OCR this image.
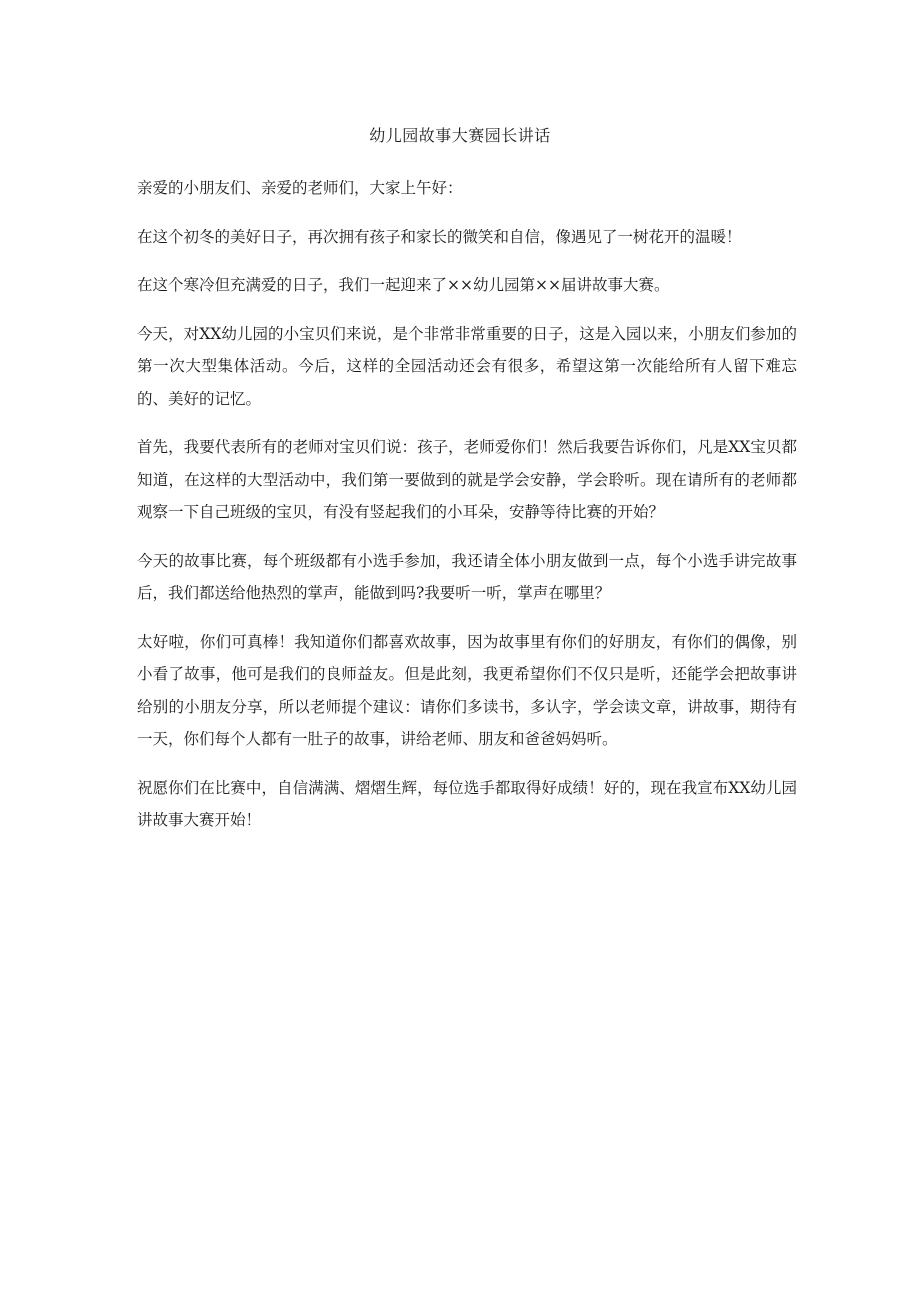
幼儿园故事大赛园长讲话

亲爱的小朋友们、亲爱的老师们，大家上午好：

在这个初冬的美好日子，再次拥有孩子和家长的微笑和自信，像遇见了一树花开的温暖！

在这个寒冷但充满爱的日子，我们一起迎来了××幼儿园第××届讲故事大赛。

今天，对XX幼儿园的小宝贝们来说，是个非常非常重要的日子，这是入园以来，小朋友们参加的第一次大型集体活动。今后，这样的全园活动还会有很多，希望这第一次能给所有人留下难忘的、美好的记忆。

首先，我要代表所有的老师对宝贝们说：孩子，老师爱你们！然后我要告诉你们，凡是XX宝贝都知道，在这样的大型活动中，我们第一要做到的就是学会安静，学会聆听。现在请所有的老师都观察一下自己班级的宝贝，有没有竖起我们的小耳朵，安静等待比赛的开始？

今天的故事比赛，每个班级都有小选手参加，我还请全体小朋友做到一点，每个小选手讲完故事后，我们都送给他热烈的掌声，能做到吗?我要听一听，掌声在哪里？

太好啦，你们可真棒！我知道你们都喜欢故事，因为故事里有你们的好朋友，有你们的偶像，别小看了故事，他可是我们的良师益友。但是此刻，我更希望你们不仅只是听，还能学会把故事讲给别的小朋友分享，所以老师提个建议：请你们多读书，多认字，学会读文章，讲故事，期待有一天，你们每个人都有一肚子的故事，讲给老师、朋友和爸爸妈妈听。

祝愿你们在比赛中，自信满满、熠熠生辉，每位选手都取得好成绩！好的，现在我宣布XX幼儿园讲故事大赛开始！
